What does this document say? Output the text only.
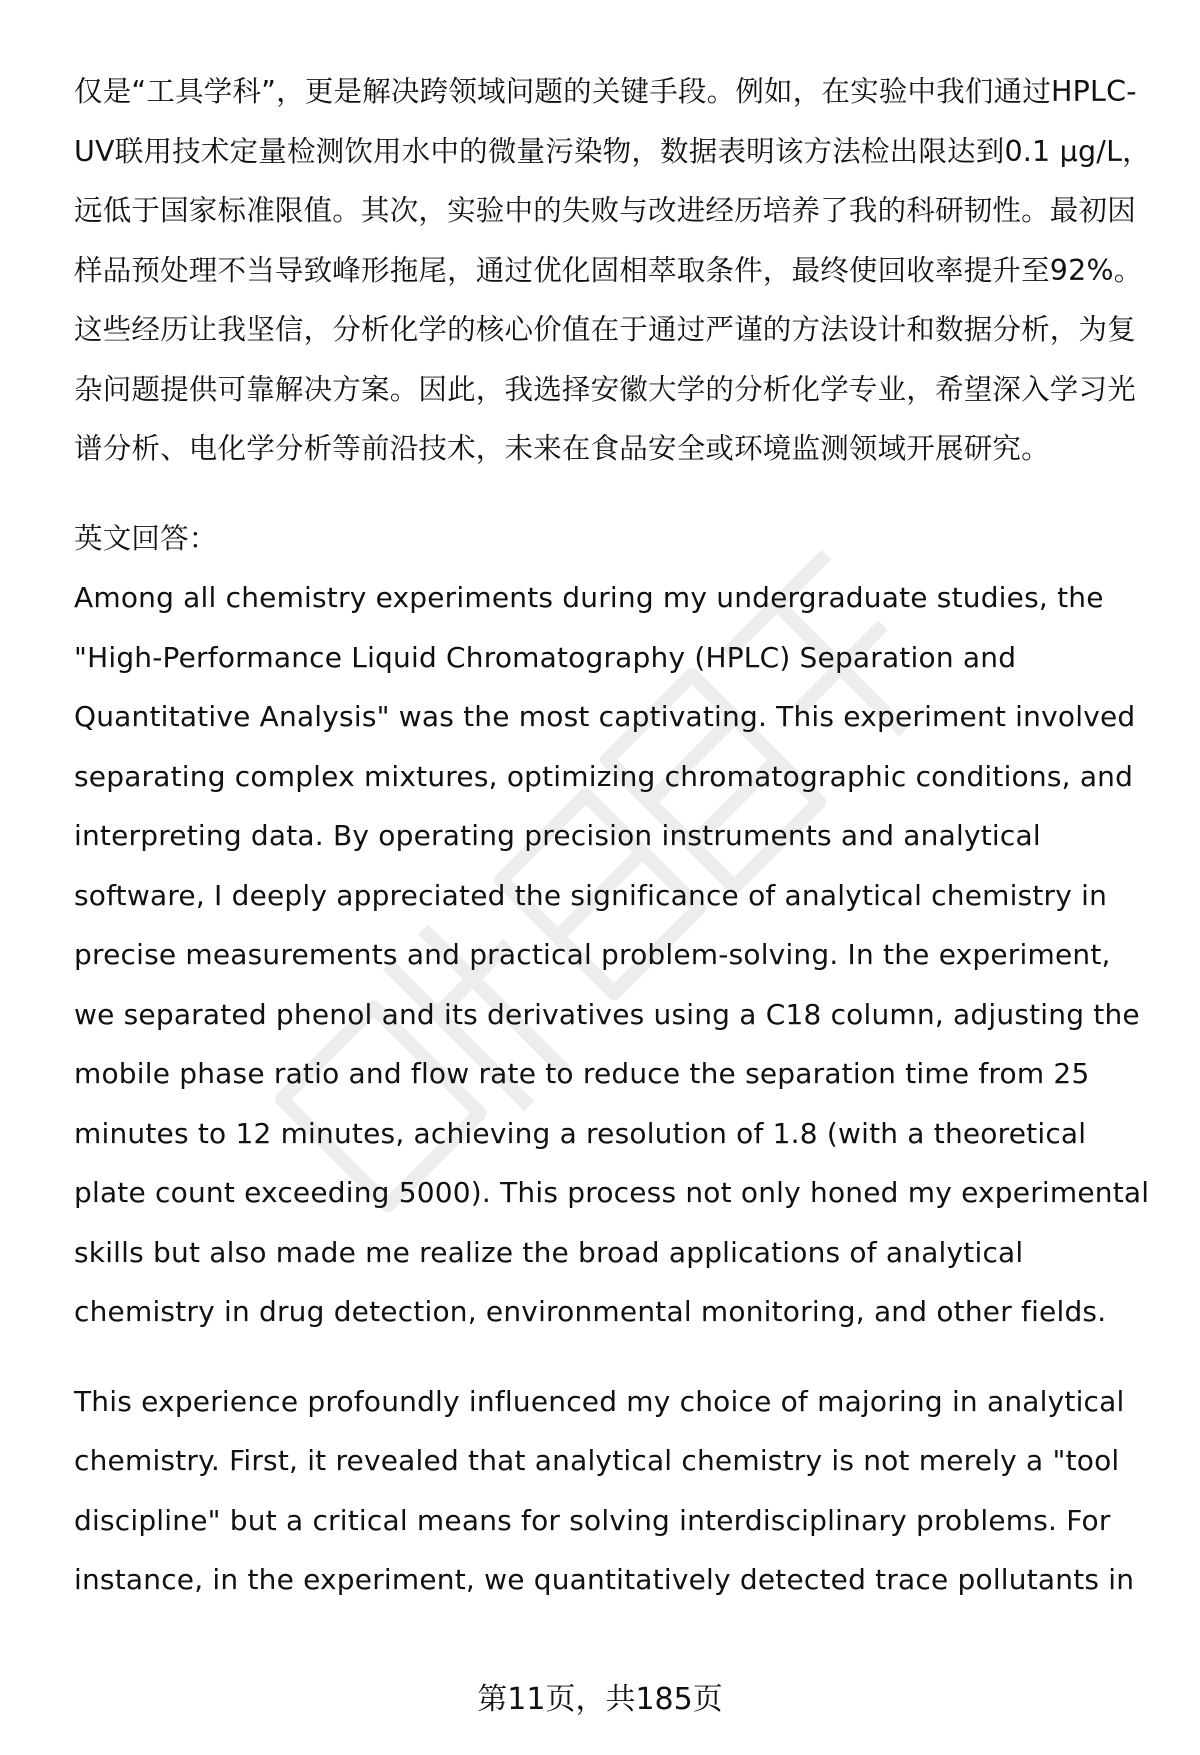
仅是“工具学科”，更是解决跨领域问题的关键手段。例如，在实验中我们通过HPLC-UV联用技术定量检测饮用水中的微量污染物，数据表明该方法检出限达到0.1 μg/L，远低于国家标准限值。其次，实验中的失败与改进经历培养了我的科研韧性。最初因样品预处理不当导致峰形拖尾，通过优化固相萃取条件，最终使回收率提升至92%。这些经历让我坚信，分析化学的核心价值在于通过严谨的方法设计和数据分析，为复杂问题提供可靠解决方案。因此，我选择安徽大学的分析化学专业，希望深入学习光谱分析、电化学分析等前沿技术，未来在食品安全或环境监测领域开展研究。

英文回答：

Among all chemistry experiments during my undergraduate studies, the "High-Performance Liquid Chromatography (HPLC) Separation and Quantitative Analysis" was the most captivating. This experiment involved separating complex mixtures, optimizing chromatographic conditions, and interpreting data. By operating precision instruments and analytical software, I deeply appreciated the significance of analytical chemistry in precise measurements and practical problem-solving. In the experiment, we separated phenol and its derivatives using a C18 column, adjusting the mobile phase ratio and flow rate to reduce the separation time from 25 minutes to 12 minutes, achieving a resolution of 1.8 (with a theoretical plate count exceeding 5000). This process not only honed my experimental skills but also made me realize the broad applications of analytical chemistry in drug detection, environmental monitoring, and other fields.

This experience profoundly influenced my choice of majoring in analytical chemistry. First, it revealed that analytical chemistry is not merely a "tool discipline" but a critical means for solving interdisciplinary problems. For instance, in the experiment, we quantitatively detected trace pollutants in

第11页，共185页
